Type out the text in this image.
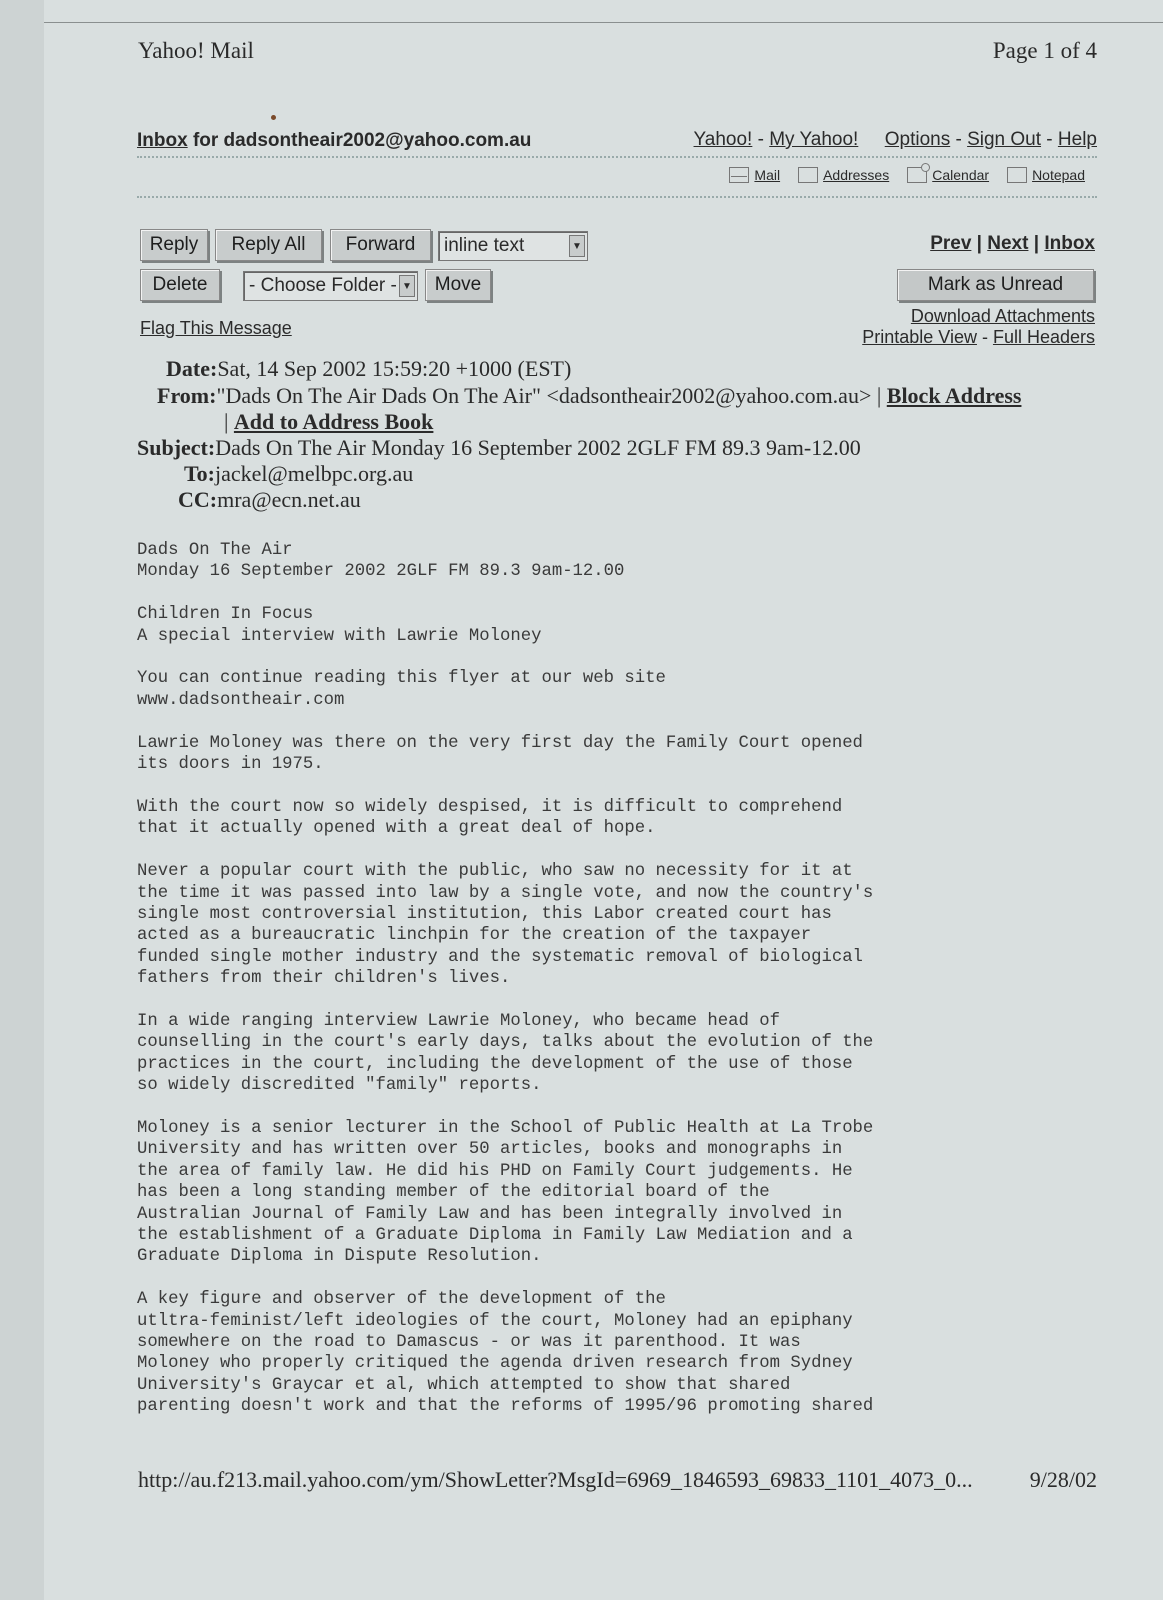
Yahoo! Mail	Page 1 of 4
Inbox for dadsontheair2002@yahoo.com.au	Yahoo! - My Yahoo! Options - Sign Out - Help
Mail	Addresses	Calendar	Notepad
Reply	Reply All	Forward	inline text	▼	Prev | Next | Inbox
Delete	- Choose Folder - ▼	Move	Mark as Unread
Flag This Message
Download Attachments
Printable View - Full Headers
Date:Sat, 14 Sep 2002 15:59:20 +1000 (EST)
From:"Dads On The Air Dads On The Air" <dadsontheair2002@yahoo.com.au> | Block Address
| Add to Address Book
Subject:Dads On The Air Monday 16 September 2002 2GLF FM 89.3 9am-12.00
To:jackel@melbpc.org.au
CC:mra@ecn.net.au
Dads On The Air
Monday 16 September 2002 2GLF FM 89.3 9am-12.00

Children In Focus
A special interview with Lawrie Moloney

You can continue reading this flyer at our web site
www.dadsontheair.com

Lawrie Moloney was there on the very first day the Family Court opened
its doors in 1975.

With the court now so widely despised, it is difficult to comprehend
that it actually opened with a great deal of hope.

Never a popular court with the public, who saw no necessity for it at
the time it was passed into law by a single vote, and now the country's
single most controversial institution, this Labor created court has
acted as a bureaucratic linchpin for the creation of the taxpayer
funded single mother industry and the systematic removal of biological
fathers from their children's lives.

In a wide ranging interview Lawrie Moloney, who became head of
counselling in the court's early days, talks about the evolution of the
practices in the court, including the development of the use of those
so widely discredited "family" reports.

Moloney is a senior lecturer in the School of Public Health at La Trobe
University and has written over 50 articles, books and monographs in
the area of family law. He did his PHD on Family Court judgements. He
has been a long standing member of the editorial board of the
Australian Journal of Family Law and has been integrally involved in
the establishment of a Graduate Diploma in Family Law Mediation and a
Graduate Diploma in Dispute Resolution.

A key figure and observer of the development of the
utltra-feminist/left ideologies of the court, Moloney had an epiphany
somewhere on the road to Damascus - or was it parenthood. It was
Moloney who properly critiqued the agenda driven research from Sydney
University's Graycar et al, which attempted to show that shared
parenting doesn't work and that the reforms of 1995/96 promoting shared
http://au.f213.mail.yahoo.com/ym/ShowLetter?MsgId=6969_1846593_69833_1101_4073_0...	9/28/02
